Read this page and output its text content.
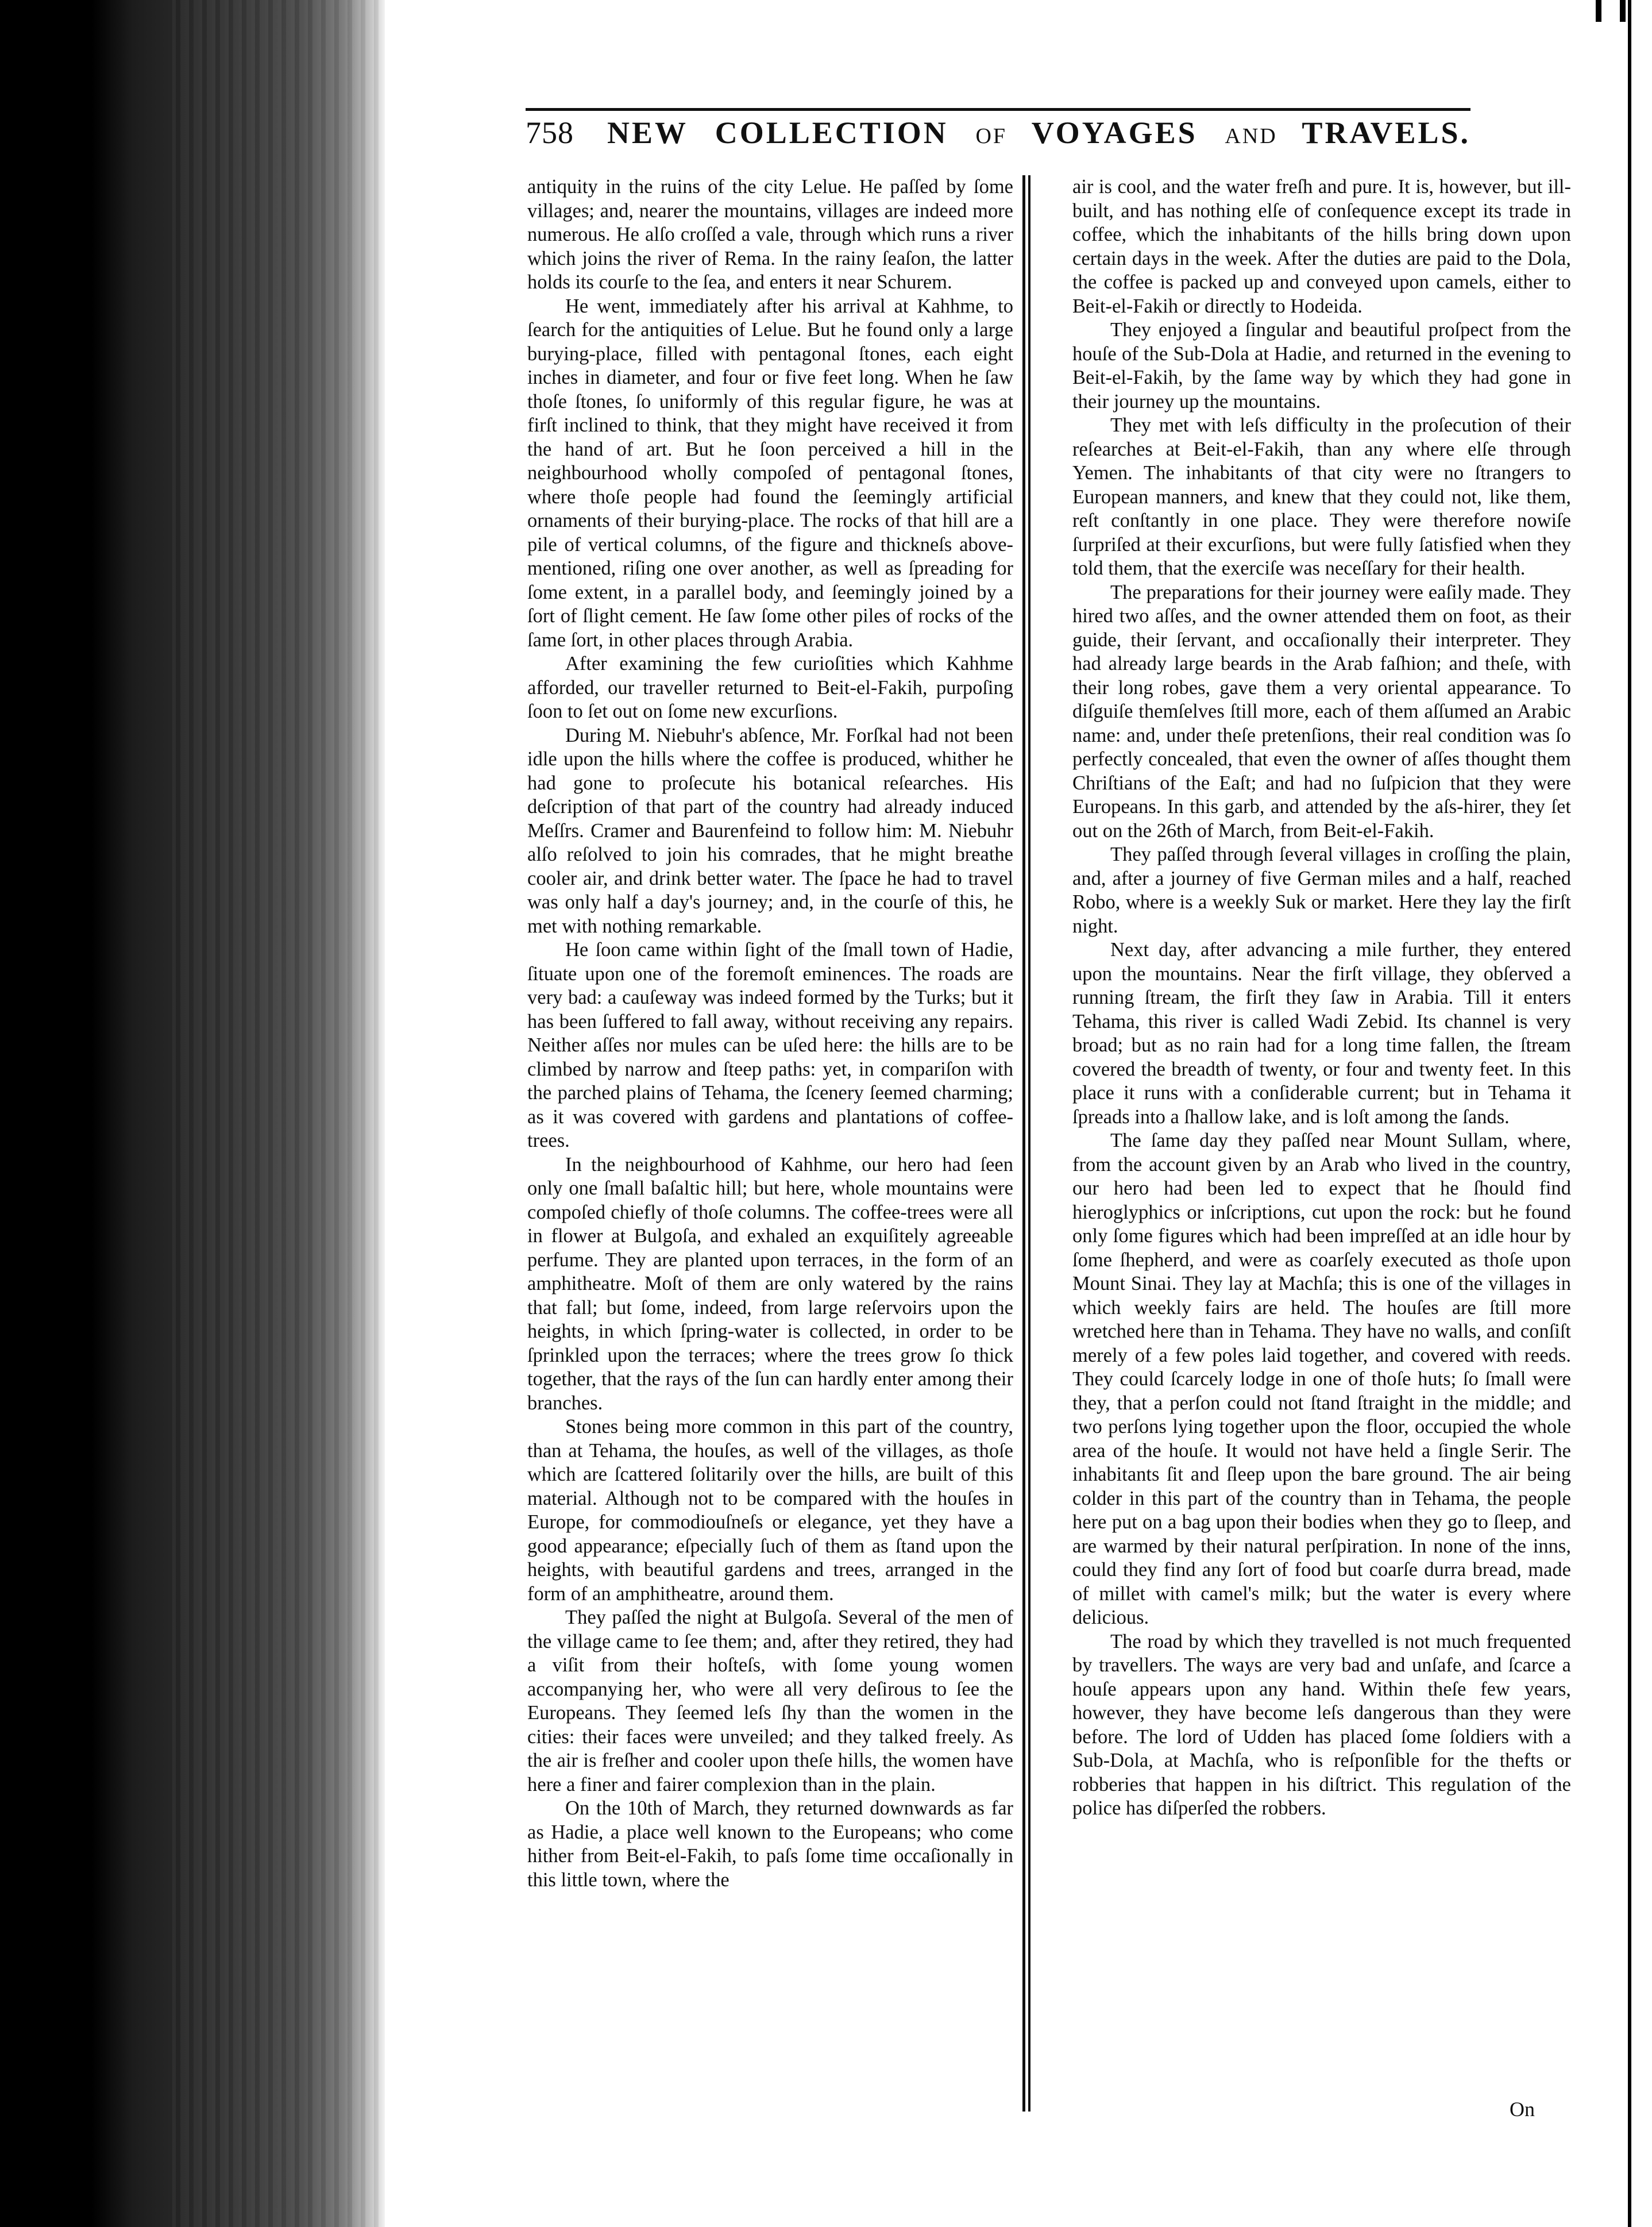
758 NEW COLLECTION OF VOYAGES AND TRAVELS.

antiquity in the ruins of the city Lelue. He paſſed by ſome villages; and, nearer the mountains, villages are indeed more numerous. He alſo croſſed a vale, through which runs a river which joins the river of Rema. In the rainy ſeaſon, the latter holds its courſe to the ſea, and enters it near Schurem.

He went, immediately after his arrival at Kahhme, to ſearch for the antiquities of Lelue. But he found only a large burying-place, filled with pentagonal ſtones, each eight inches in diameter, and four or five feet long. When he ſaw thoſe ſtones, ſo uniformly of this regular figure, he was at firſt inclined to think, that they might have received it from the hand of art. But he ſoon perceived a hill in the neighbourhood wholly compoſed of pentagonal ſtones, where thoſe people had found the ſeemingly artificial ornaments of their burying-place. The rocks of that hill are a pile of vertical columns, of the figure and thickneſs above-mentioned, riſing one over another, as well as ſpreading for ſome extent, in a parallel body, and ſeemingly joined by a ſort of ſlight cement. He ſaw ſome other piles of rocks of the ſame ſort, in other places through Arabia.

After examining the few curioſities which Kahhme afforded, our traveller returned to Beit-el-Fakih, purpoſing ſoon to ſet out on ſome new excurſions.

During M. Niebuhr's abſence, Mr. Forſkal had not been idle upon the hills where the coffee is produced, whither he had gone to proſecute his botanical reſearches. His deſcription of that part of the country had already induced Meſſrs. Cramer and Baurenfeind to follow him: M. Niebuhr alſo reſolved to join his comrades, that he might breathe cooler air, and drink better water. The ſpace he had to travel was only half a day's journey; and, in the courſe of this, he met with nothing remarkable.

He ſoon came within ſight of the ſmall town of Hadie, ſituate upon one of the foremoſt eminences. The roads are very bad: a cauſeway was indeed formed by the Turks; but it has been ſuffered to fall away, without receiving any repairs. Neither aſſes nor mules can be uſed here: the hills are to be climbed by narrow and ſteep paths: yet, in compariſon with the parched plains of Tehama, the ſcenery ſeemed charming; as it was covered with gardens and plantations of coffee-trees.

In the neighbourhood of Kahhme, our hero had ſeen only one ſmall baſaltic hill; but here, whole mountains were compoſed chiefly of thoſe columns. The coffee-trees were all in flower at Bulgoſa, and exhaled an exquiſitely agreeable perfume. They are planted upon terraces, in the form of an amphitheatre. Moſt of them are only watered by the rains that fall; but ſome, indeed, from large reſervoirs upon the heights, in which ſpring-water is collected, in order to be ſprinkled upon the terraces; where the trees grow ſo thick together, that the rays of the ſun can hardly enter among their branches.

Stones being more common in this part of the country, than at Tehama, the houſes, as well of the villages, as thoſe which are ſcattered ſolitarily over the hills, are built of this material. Although not to be compared with the houſes in Europe, for commodiouſneſs or elegance, yet they have a good appearance; eſpecially ſuch of them as ſtand upon the heights, with beautiful gardens and trees, arranged in the form of an amphitheatre, around them.

They paſſed the night at Bulgoſa. Several of the men of the village came to ſee them; and, after they retired, they had a viſit from their hoſteſs, with ſome young women accompanying her, who were all very deſirous to ſee the Europeans. They ſeemed leſs ſhy than the women in the cities: their faces were unveiled; and they talked freely. As the air is freſher and cooler upon theſe hills, the women have here a finer and fairer complexion than in the plain.

On the 10th of March, they returned downwards as far as Hadie, a place well known to the Europeans; who come hither from Beit-el-Fakih, to paſs ſome time occaſionally in this little town, where the

air is cool, and the water freſh and pure. It is, however, but ill-built, and has nothing elſe of conſequence except its trade in coffee, which the inhabitants of the hills bring down upon certain days in the week. After the duties are paid to the Dola, the coffee is packed up and conveyed upon camels, either to Beit-el-Fakih or directly to Hodeida.

They enjoyed a ſingular and beautiful proſpect from the houſe of the Sub-Dola at Hadie, and returned in the evening to Beit-el-Fakih, by the ſame way by which they had gone in their journey up the mountains.

They met with leſs difficulty in the proſecution of their reſearches at Beit-el-Fakih, than any where elſe through Yemen. The inhabitants of that city were no ſtrangers to European manners, and knew that they could not, like them, reſt conſtantly in one place. They were therefore nowiſe ſurpriſed at their excurſions, but were fully ſatisfied when they told them, that the exerciſe was neceſſary for their health.

The preparations for their journey were eaſily made. They hired two aſſes, and the owner attended them on foot, as their guide, their ſervant, and occaſionally their interpreter. They had already large beards in the Arab faſhion; and theſe, with their long robes, gave them a very oriental appearance. To diſguiſe themſelves ſtill more, each of them aſſumed an Arabic name: and, under theſe pretenſions, their real condition was ſo perfectly concealed, that even the owner of aſſes thought them Chriſtians of the Eaſt; and had no ſuſpicion that they were Europeans. In this garb, and attended by the aſs-hirer, they ſet out on the 26th of March, from Beit-el-Fakih.

They paſſed through ſeveral villages in croſſing the plain, and, after a journey of five German miles and a half, reached Robo, where is a weekly Suk or market. Here they lay the firſt night.

Next day, after advancing a mile further, they entered upon the mountains. Near the firſt village, they obſerved a running ſtream, the firſt they ſaw in Arabia. Till it enters Tehama, this river is called Wadi Zebid. Its channel is very broad; but as no rain had for a long time fallen, the ſtream covered the breadth of twenty, or four and twenty feet. In this place it runs with a conſiderable current; but in Tehama it ſpreads into a ſhallow lake, and is loſt among the ſands.

The ſame day they paſſed near Mount Sullam, where, from the account given by an Arab who lived in the country, our hero had been led to expect that he ſhould find hieroglyphics or inſcriptions, cut upon the rock: but he found only ſome figures which had been impreſſed at an idle hour by ſome ſhepherd, and were as coarſely executed as thoſe upon Mount Sinai. They lay at Machſa; this is one of the villages in which weekly fairs are held. The houſes are ſtill more wretched here than in Tehama. They have no walls, and conſiſt merely of a few poles laid together, and covered with reeds. They could ſcarcely lodge in one of thoſe huts; ſo ſmall were they, that a perſon could not ſtand ſtraight in the middle; and two perſons lying together upon the floor, occupied the whole area of the houſe. It would not have held a ſingle Serir. The inhabitants ſit and ſleep upon the bare ground. The air being colder in this part of the country than in Tehama, the people here put on a bag upon their bodies when they go to ſleep, and are warmed by their natural perſpiration. In none of the inns, could they find any ſort of food but coarſe durra bread, made of millet with camel's milk; but the water is every where delicious.

The road by which they travelled is not much frequented by travellers. The ways are very bad and unſafe, and ſcarce a houſe appears upon any hand. Within theſe few years, however, they have become leſs dangerous than they were before. The lord of Udden has placed ſome ſoldiers with a Sub-Dola, at Machſa, who is reſponſible for the thefts or robberies that happen in his diſtrict. This regulation of the police has diſperſed the robbers.

On
